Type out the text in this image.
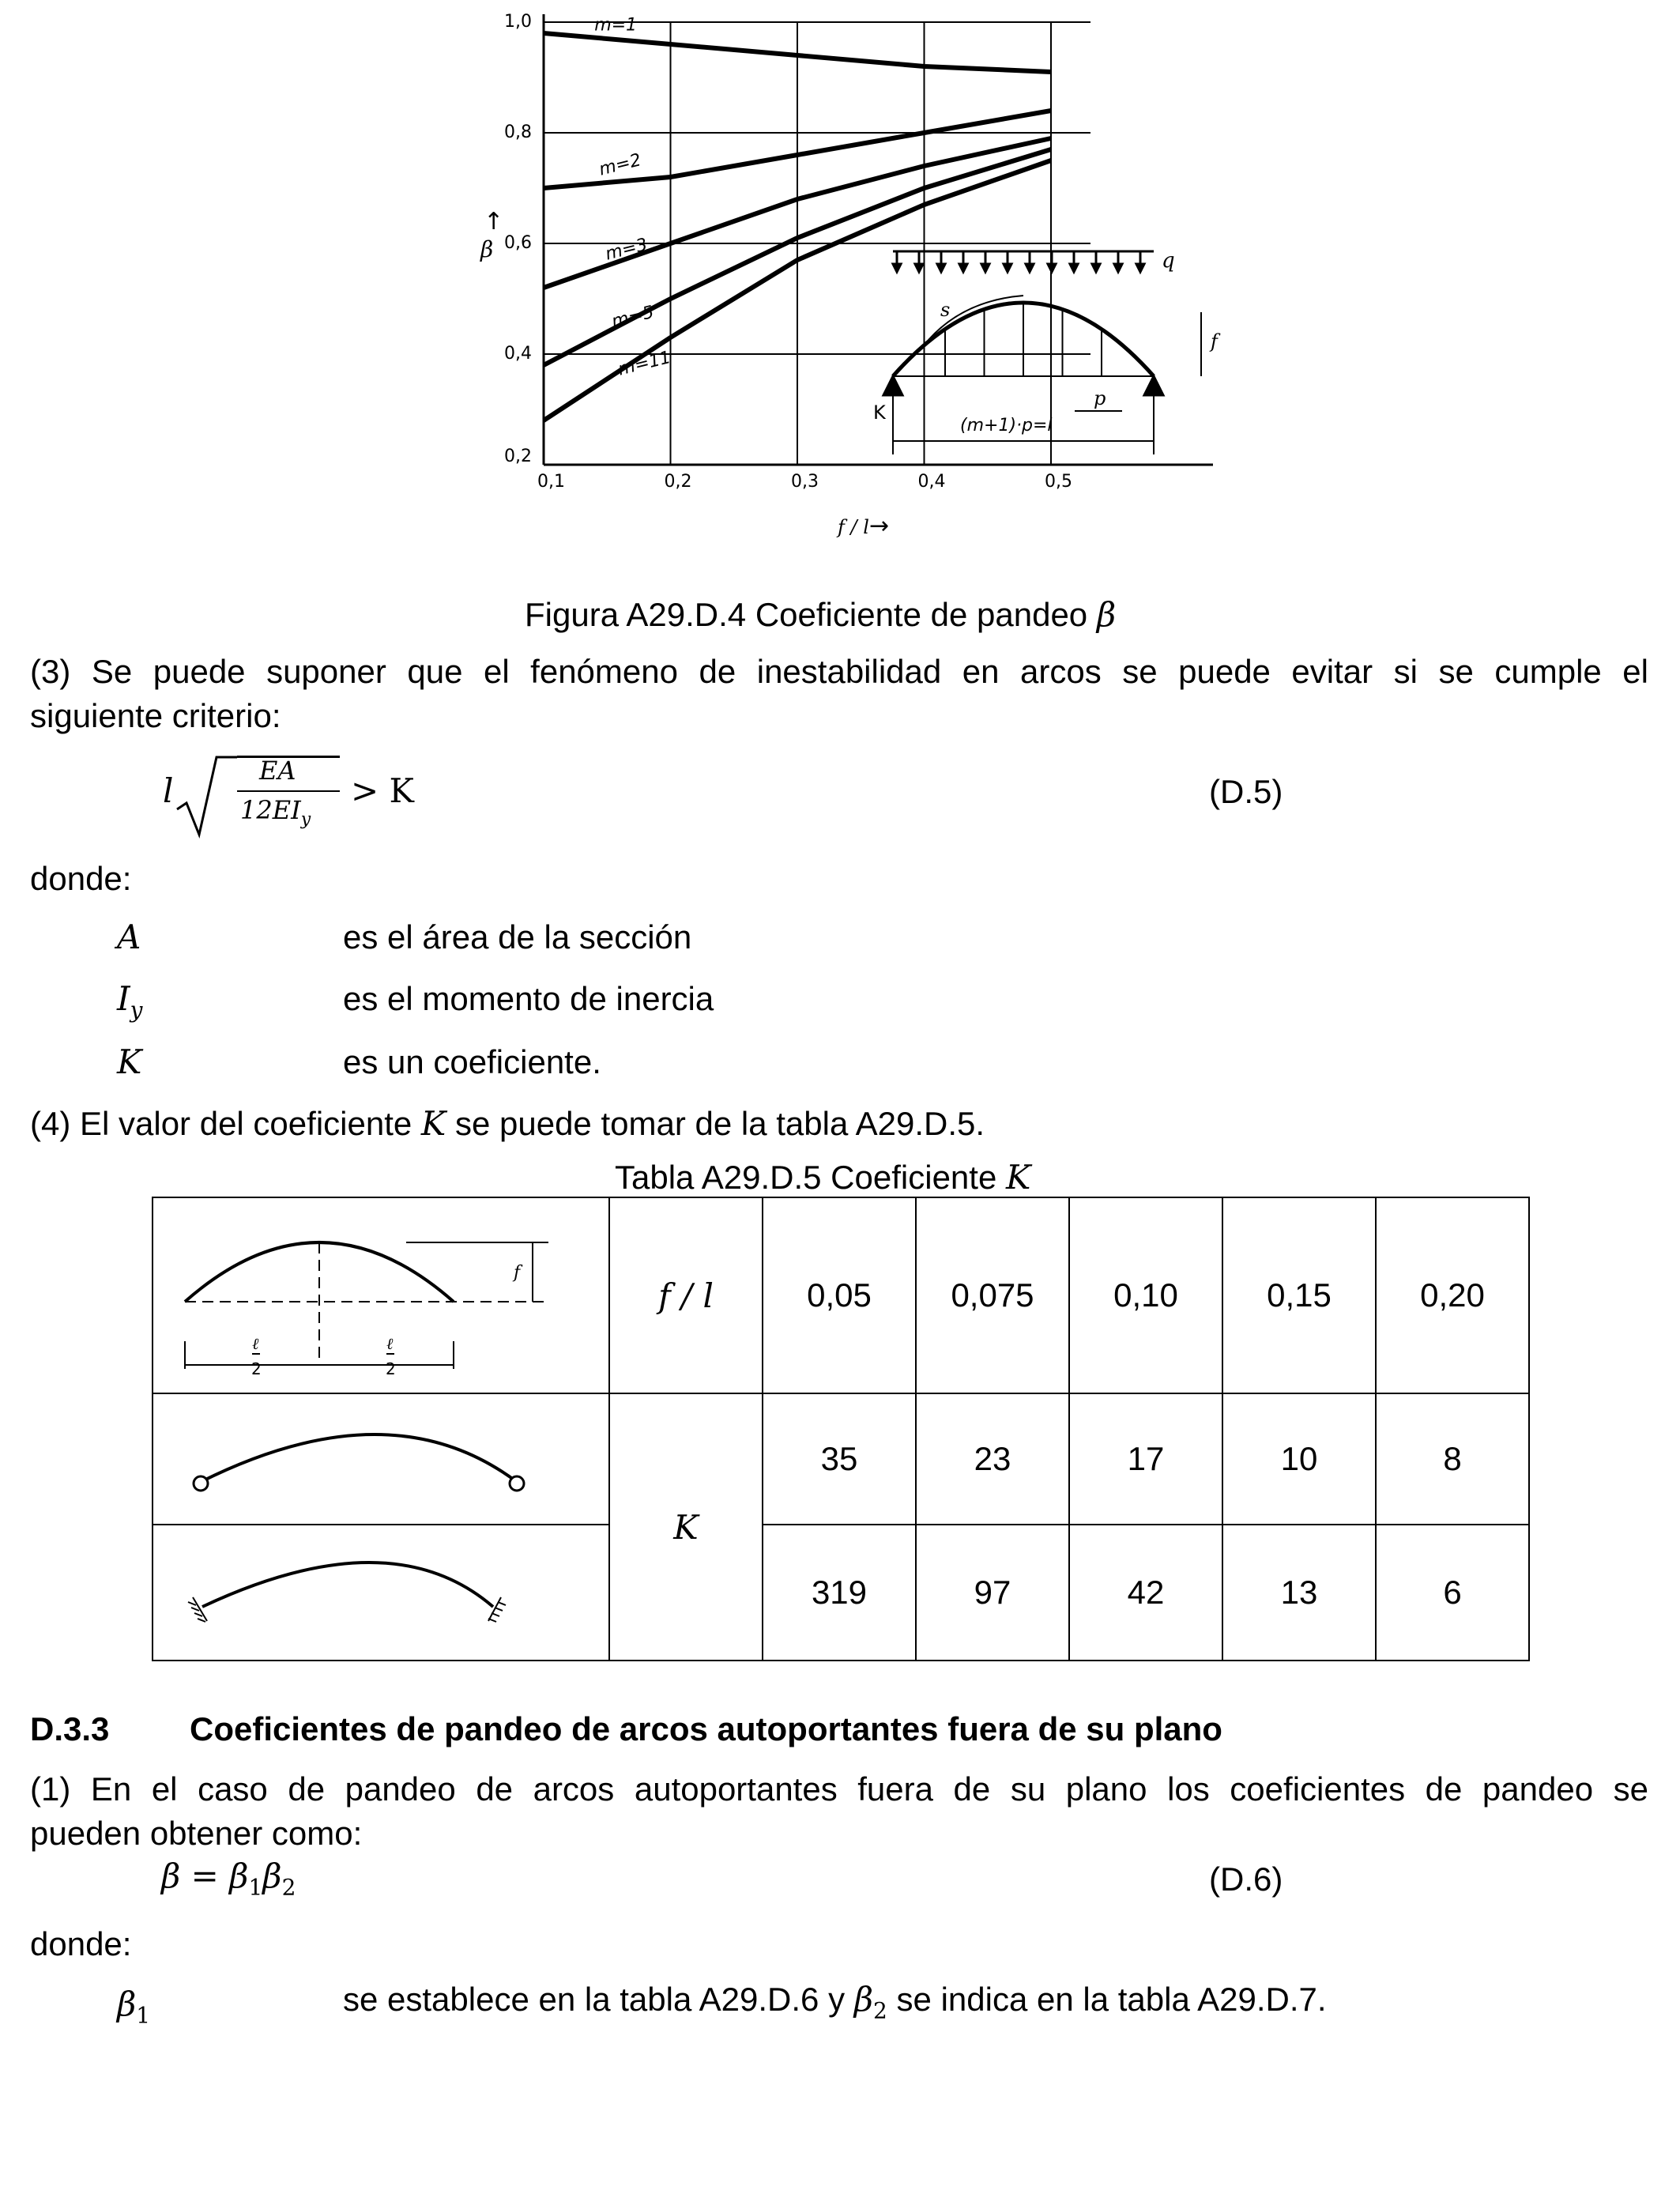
m=1
m=2
m=3
m=5
m=11
1,0
0,8
0,6
0,4
0,2
0,1	0,2	0,3	0,4	0,5
↑
β
f / l →
q
s
f
p
K
(m+1)·p=l
Figura A29.D.4 Coeficiente de pandeo β
(3) Se puede suponer que el fenómeno de inestabilidad en arcos se puede evitar si se cumple el
siguiente criterio:
l
EA
$12EI_y$
> K	(D.5)
donde:
A	es el área de la sección
$I_y$	es el momento de inercia
K	es un coeficiente.
(4) El valor del coeficiente K se puede tomar de la tabla A29.D.5.
Tabla A29.D.5 Coeficiente K
ℓ
2
ℓ
2
f	f / l	0,05	0,075	0,10	0,15	0,20

	K	35	23	17	10	8

	319	97	42	13	6
D.3.3 Coeficientes de pandeo de arcos autoportantes fuera de su plano
(1) En el caso de pandeo de arcos autoportantes fuera de su plano los coeficientes de pandeo se
pueden obtener como:
$\beta = \beta_1\beta_2$	(D.6)
donde:
$\beta_1$	se establece en la tabla A29.D.6 y $\beta_2$ se indica en la tabla A29.D.7.
